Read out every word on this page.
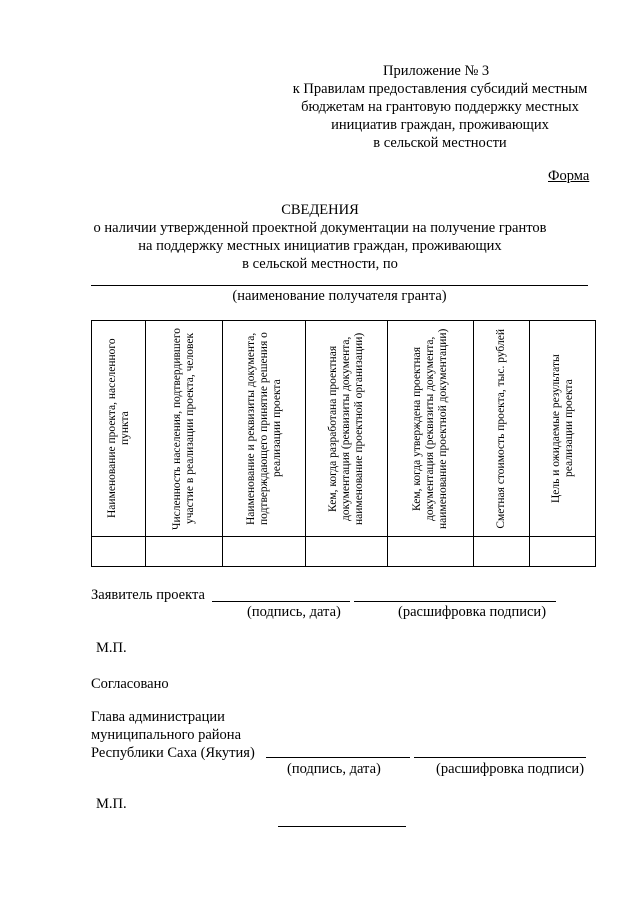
Приложение № 3
к Правилам предоставления субсидий местным
бюджетам на грантовую поддержку местных
инициатив граждан, проживающих
в сельской местности
Форма
СВЕДЕНИЯ
о наличии утвержденной проектной документации на получение грантов
на поддержку местных инициатив граждан, проживающих
в сельской местности, по
(наименование получателя гранта)
Наименование проекта, населенного пункта	Численность населения, подтвердившего участие в реализации проекта, человек	Наименование и реквизиты документа, подтверждающего принятие решения о реализации проекта	Кем, когда разработана проектная документация (реквизиты документа, наименование проектной организации)	Кем, когда утверждена проектная документация (реквизиты документа, наименование проектной документации)	Сметная стоимость проекта, тыс. рублей	Цель и ожидаемые результаты реализации проекта

Заявитель проекта
(подпись, дата)	(расшифровка подписи)
М.П.
Согласовано
Глава администрации
муниципального района
Республики Саха (Якутия)
(подпись, дата)	(расшифровка подписи)
М.П.
